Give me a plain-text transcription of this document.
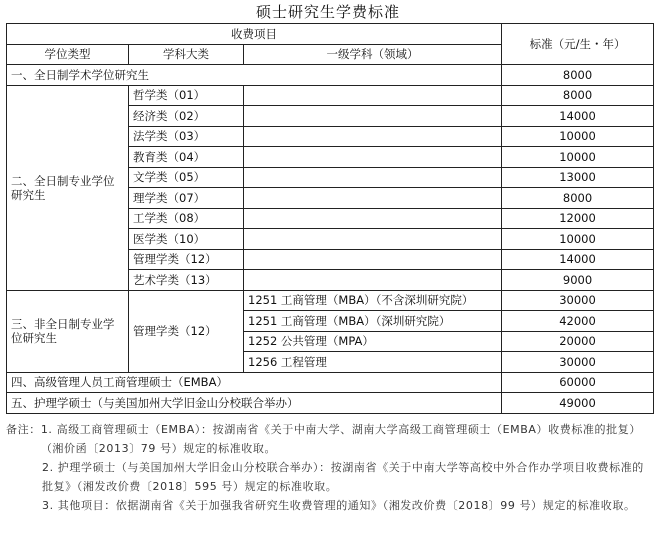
硕士研究生学费标准
收费项目			标准（元/生・年）
学位类型	学科大类	一级学科（领域）	
一、全日制学术学位研究生			8000
二、全日制专业学位研究生	哲学类（01）		8000
	经济类（02）		14000
	法学类（03）		10000
	教育类（04）		10000
	文学类（05）		13000
	理学类（07）		8000
	工学类（08）		12000
	医学类（10）		10000
	管理学类（12）		14000
	艺术学类（13）		9000
三、非全日制专业学位研究生	管理学类（12）	1251 工商管理（MBA）（不含深圳研究院）	30000
		1251 工商管理（MBA）（深圳研究院）	42000
		1252 公共管理（MPA）	20000
		1256 工程管理	30000
四、高级管理人员工商管理硕士（EMBA）			60000
五、护理学硕士（与美国加州大学旧金山分校联合举办）			49000
备注： 1. 高级工商管理硕士（EMBA）：按湖南省《关于中南大学、湖南大学高级工商管理硕士（EMBA）收费标准的批复）（湘价函〔2013〕79 号）规定的标准收取。
2. 护理学硕士（与美国加州大学旧金山分校联合举办）：按湖南省《关于中南大学等高校中外合作办学项目收费标准的批复》（湘发改价费〔2018〕595 号）规定的标准收取。
3. 其他项目：依据湖南省《关于加强我省研究生收费管理的通知》（湘发改价费〔2018〕99 号）规定的标准收取。
